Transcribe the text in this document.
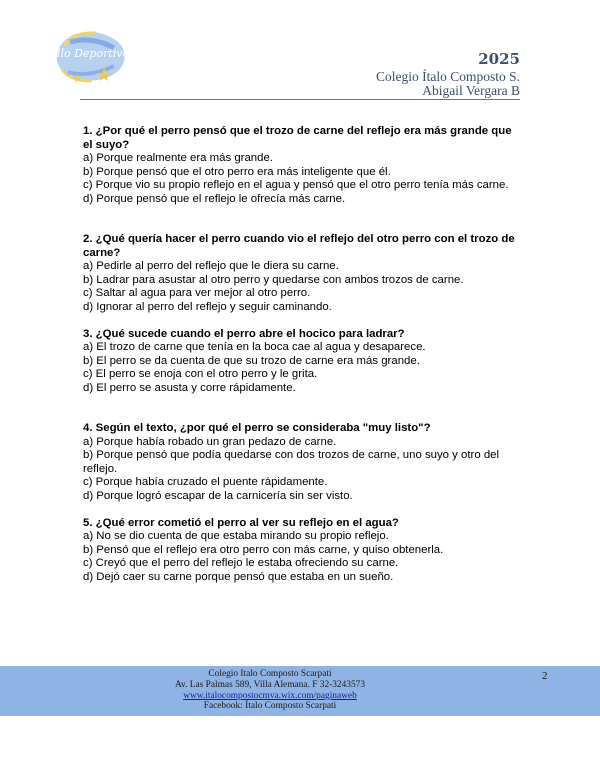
Sello Deportivo	2025
Colegio Ítalo Composto S.
Abigail Vergara B
1. ¿Por qué el perro pensó que el trozo de carne del reflejo era más grande que el suyo?
a) Porque realmente era más grande.
b) Porque pensó que el otro perro era más inteligente que él.
c) Porque vio su propio reflejo en el agua y pensó que el otro perro tenía más carne.
d) Porque pensó que el reflejo le ofrecía más carne.
2. ¿Qué quería hacer el perro cuando vio el reflejo del otro perro con el trozo de carne?
a) Pedirle al perro del reflejo que le diera su carne.
b) Ladrar para asustar al otro perro y quedarse con ambos trozos de carne.
c) Saltar al agua para ver mejor al otro perro.
d) Ignorar al perro del reflejo y seguir caminando.
3. ¿Qué sucede cuando el perro abre el hocico para ladrar?
a) El trozo de carne que tenía en la boca cae al agua y desaparece.
b) El perro se da cuenta de que su trozo de carne era más grande.
c) El perro se enoja con el otro perro y le grita.
d) El perro se asusta y corre rápidamente.
4. Según el texto, ¿por qué el perro se consideraba "muy listo"?
a) Porque había robado un gran pedazo de carne.
b) Porque pensó que podía quedarse con dos trozos de carne, uno suyo y otro del reflejo.
c) Porque había cruzado el puente rápidamente.
d) Porque logró escapar de la carnicería sin ser visto.
5. ¿Qué error cometió el perro al ver su reflejo en el agua?
a) No se dio cuenta de que estaba mirando su propio reflejo.
b) Pensó que el reflejo era otro perro con más carne, y quiso obtenerla.
c) Creyó que el perro del reflejo le estaba ofreciendo su carne.
d) Dejó caer su carne porque pensó que estaba en un sueño.
Colegio Italo Composto Scarpati
Av. Las Palmas 589, Villa Alemana. F 32-3243573
www.italocompostocmva.wix.com/paginaweb
Facebook: Ítalo Composto Scarpati
2
